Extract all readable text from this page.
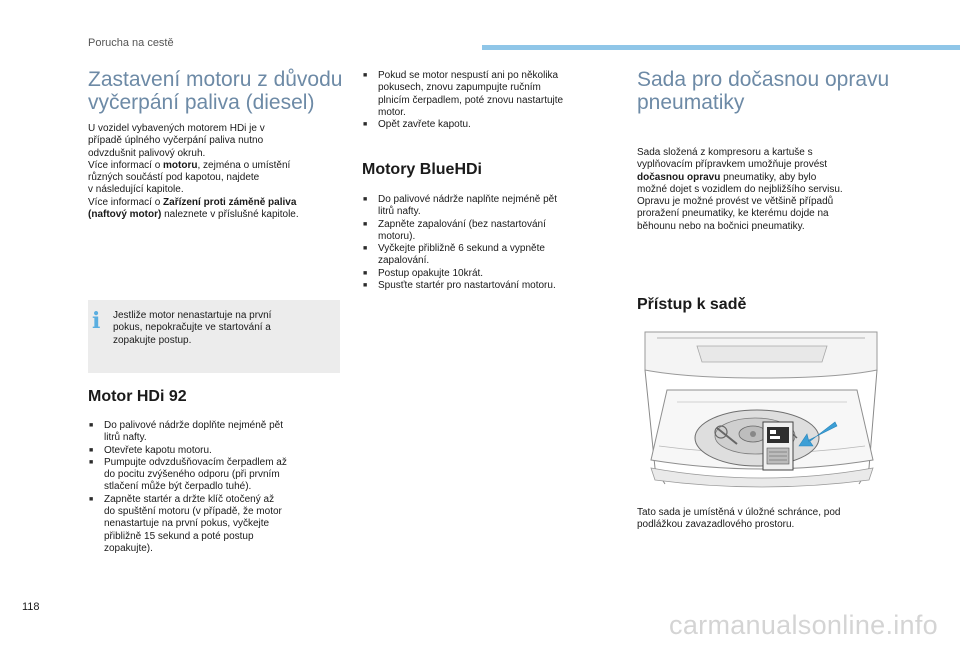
Porucha na cestě
Zastavení motoru z důvodu vyčerpání paliva (diesel)
U vozidel vybavených motorem HDi je v
případě úplného vyčerpání paliva nutno
odvzdušnit palivový okruh.
Více informací o motoru, zejména o umístění
různých součástí pod kapotou, najdete
v následující kapitole.
Více informací o Zařízení proti záměně paliva
(naftový motor) naleznete v příslušné kapitole.
i	Jestliže motor nenastartuje na první
pokus, nepokračujte ve startování a
zopakujte postup.
Motor HDi 92
■ Do palivové nádrže doplňte nejméně pět
litrů nafty.
■ Otevřete kapotu motoru.
■ Pumpujte odvzdušňovacím čerpadlem až
do pocitu zvýšeného odporu (při prvním
stlačení může být čerpadlo tuhé).
■ Zapněte startér a držte klíč otočený až
do spuštění motoru (v případě, že motor
nenastartuje na první pokus, vyčkejte
přibližně 15 sekund a poté postup
zopakujte).
■ Pokud se motor nespustí ani po několika
pokusech, znovu zapumpujte ručním
plnicím čerpadlem, poté znovu nastartujte
motor.
■ Opět zavřete kapotu.
Motory BlueHDi
■ Do palivové nádrže naplňte nejméně pět
litrů nafty.
■ Zapněte zapalování (bez nastartování
motoru).
■ Vyčkejte přibližně 6 sekund a vypněte
zapalování.
■ Postup opakujte 10krát.
■ Spusťte startér pro nastartování motoru.
Sada pro dočasnou opravu pneumatiky
Sada složená z kompresoru a kartuše s
vyplňovacím přípravkem umožňuje provést
dočasnou opravu pneumatiky, aby bylo
možné dojet s vozidlem do nejbližšího servisu.
Opravu je možné provést ve většině případů
proražení pneumatiky, ke kterému dojde na
běhounu nebo na bočnici pneumatiky.
Přístup k sadě
Tato sada je umístěná v úložné schránce, pod
podlážkou zavazadlového prostoru.
118
carmanualsonline.info
